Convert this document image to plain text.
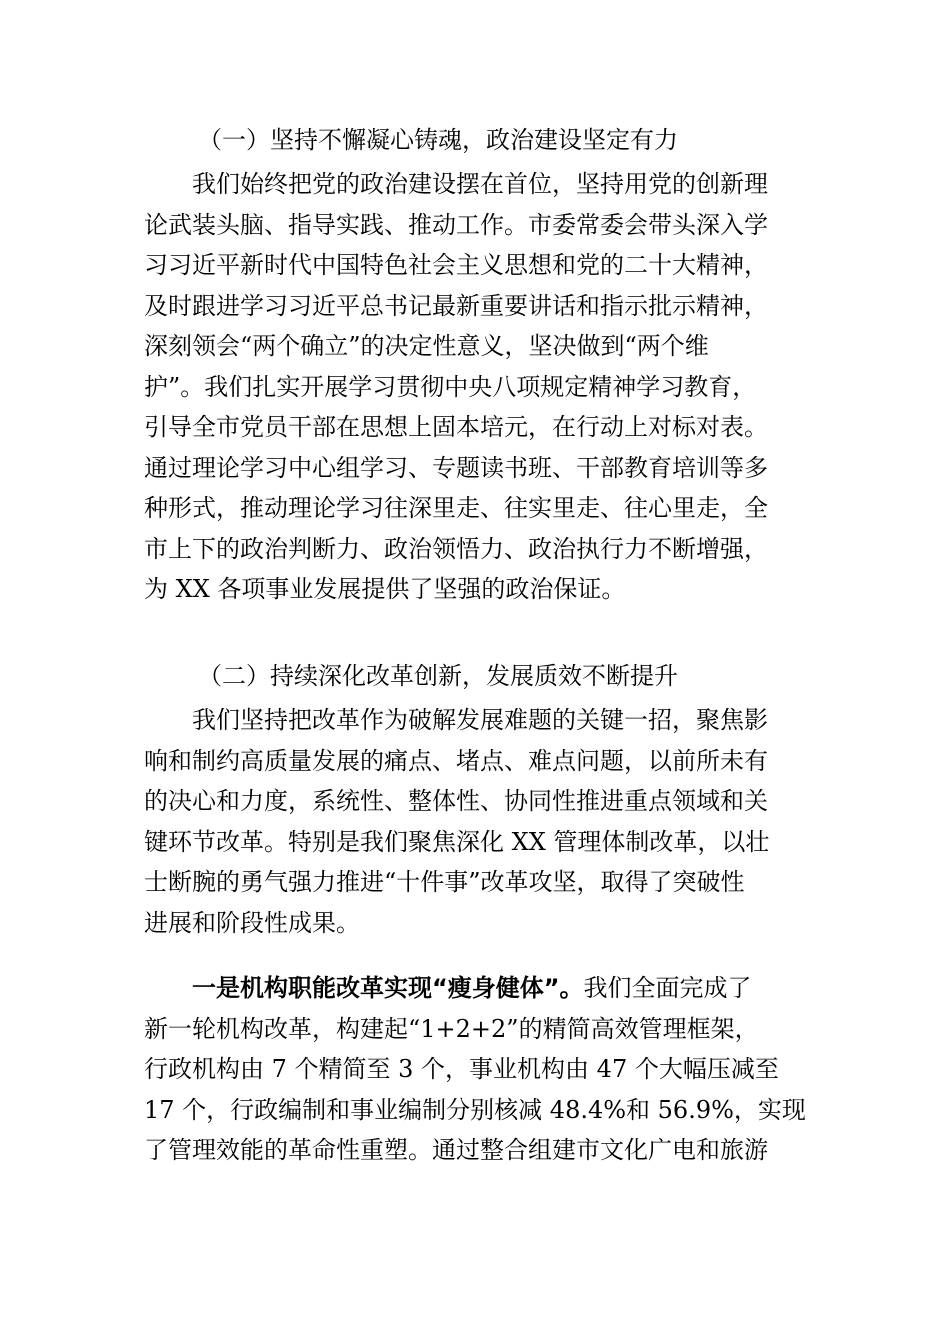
（一）坚持不懈凝心铸魂，政治建设坚定有力
我们始终把党的政治建设摆在首位，坚持用党的创新理
论武装头脑、指导实践、推动工作。市委常委会带头深入学
习习近平新时代中国特色社会主义思想和党的二十大精神，
及时跟进学习习近平总书记最新重要讲话和指示批示精神，
深刻领会“两个确立”的决定性意义，坚决做到“两个维
护”。我们扎实开展学习贯彻中央八项规定精神学习教育，
引导全市党员干部在思想上固本培元，在行动上对标对表。
通过理论学习中心组学习、专题读书班、干部教育培训等多
种形式，推动理论学习往深里走、往实里走、往心里走，全
市上下的政治判断力、政治领悟力、政治执行力不断增强，
为 XX 各项事业发展提供了坚强的政治保证。
（二）持续深化改革创新，发展质效不断提升
我们坚持把改革作为破解发展难题的关键一招，聚焦影
响和制约高质量发展的痛点、堵点、难点问题，以前所未有
的决心和力度，系统性、整体性、协同性推进重点领域和关
键环节改革。特别是我们聚焦深化 XX 管理体制改革，以壮
士断腕的勇气强力推进“十件事”改革攻坚，取得了突破性
进展和阶段性成果。
一是机构职能改革实现“瘦身健体”。我们全面完成了
新一轮机构改革，构建起“1+2+2”的精简高效管理框架，
行政机构由 7 个精简至 3 个，事业机构由 47 个大幅压减至
17 个，行政编制和事业编制分别核减 48.4%和 56.9%，实现
了管理效能的革命性重塑。通过整合组建市文化广电和旅游
